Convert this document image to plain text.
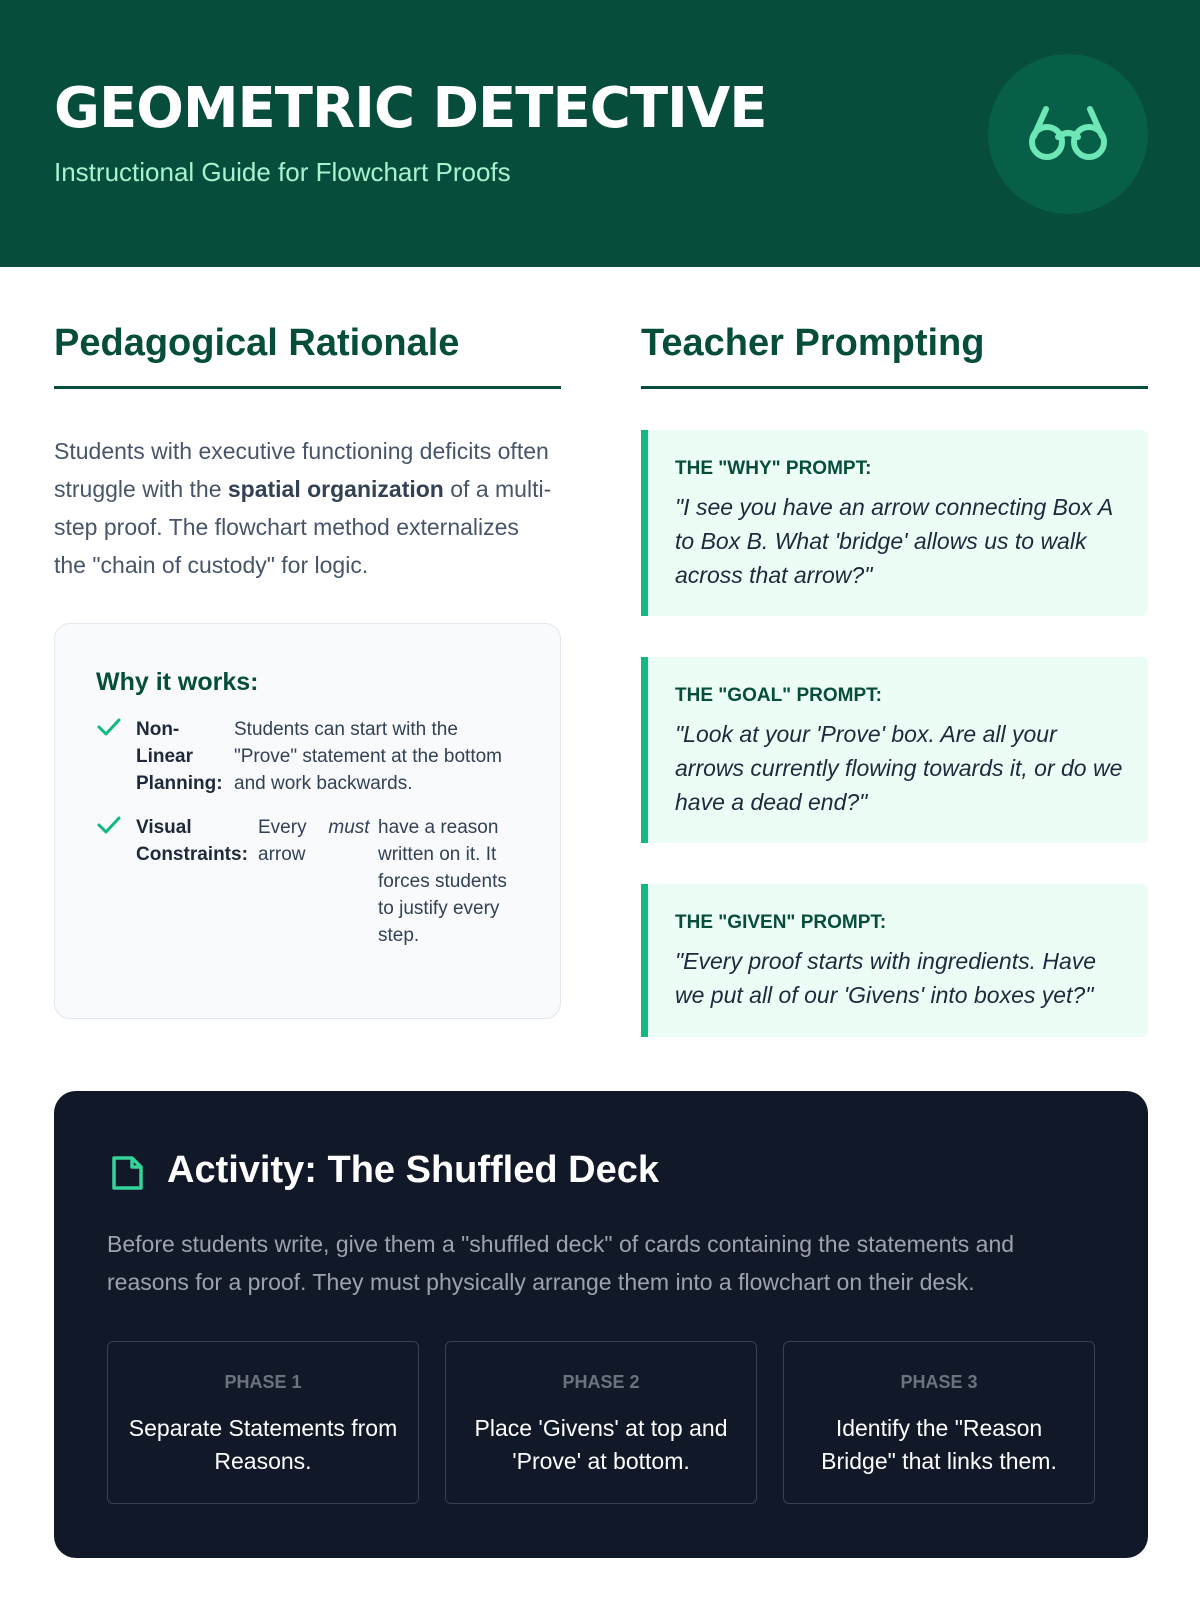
GEOMETRIC DETECTIVE
Instructional Guide for Flowchart Proofs
Pedagogical Rationale

Students with executive functioning deficits often struggle with the spatial organization of a multi-step proof. The flowchart method externalizes the "chain of custody" for logic.

Why it works:
Non-Linear Planning:
Students can start with the "Prove" statement at the bottom and work backwards.
Visual Constraints:
Every arrow
must have a reason written on it. It forces students to justify every step.
Teacher Prompting
THE "WHY" PROMPT:
"I see you have an arrow connecting Box A to Box B. What 'bridge' allows us to walk across that arrow?"
THE "GOAL" PROMPT:
"Look at your 'Prove' box. Are all your arrows currently flowing towards it, or do we have a dead end?"
THE "GIVEN" PROMPT:
"Every proof starts with ingredients. Have we put all of our 'Givens' into boxes yet?"
Activity: The Shuffled Deck

Before students write, give them a "shuffled deck" of cards containing the statements and reasons for a proof. They must physically arrange them into a flowchart on their desk.

PHASE 1
Separate Statements from Reasons.
PHASE 2
Place 'Givens' at top and 'Prove' at bottom.
PHASE 3
Identify the "Reason Bridge" that links them.
